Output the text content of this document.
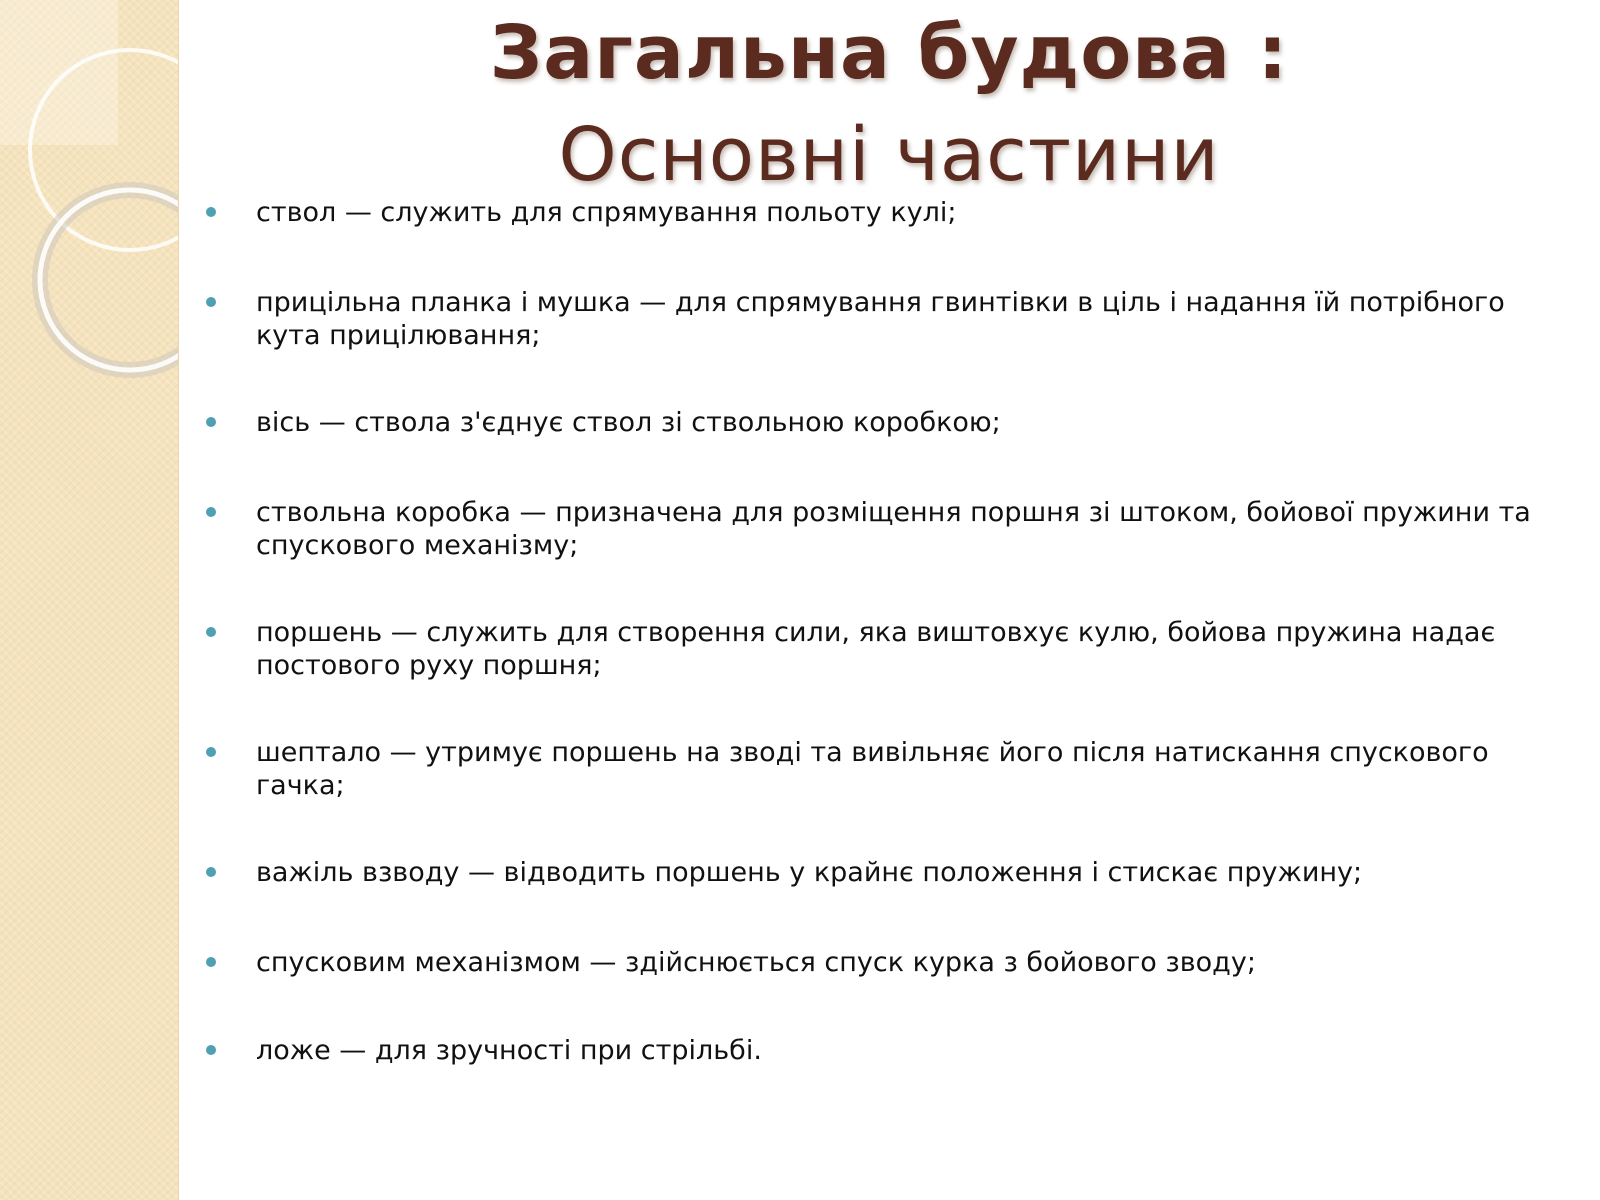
Загальна будова :
Основні частини
ствол — служить для спрямування польоту кулі;
прицільна планка і мушка — для спрямування гвинтівки в ціль і надання їй потрібного кута прицілювання;
вісь — ствола з'єднує ствол зі ствольною коробкою;
ствольна коробка — призначена для розміщення поршня зі штоком, бойової пружини та спускового механізму;
поршень — служить для створення сили, яка виштовхує кулю, бойова пружина надає постового руху поршня;
шептало — утримує поршень на зводі та вивільняє його після натискання спускового гачка;
важіль взводу — відводить поршень у крайнє положення і стискає пружину;
спусковим механізмом — здійснюється спуск курка з бойового зводу;
ложе — для зручності при стрільбі.
